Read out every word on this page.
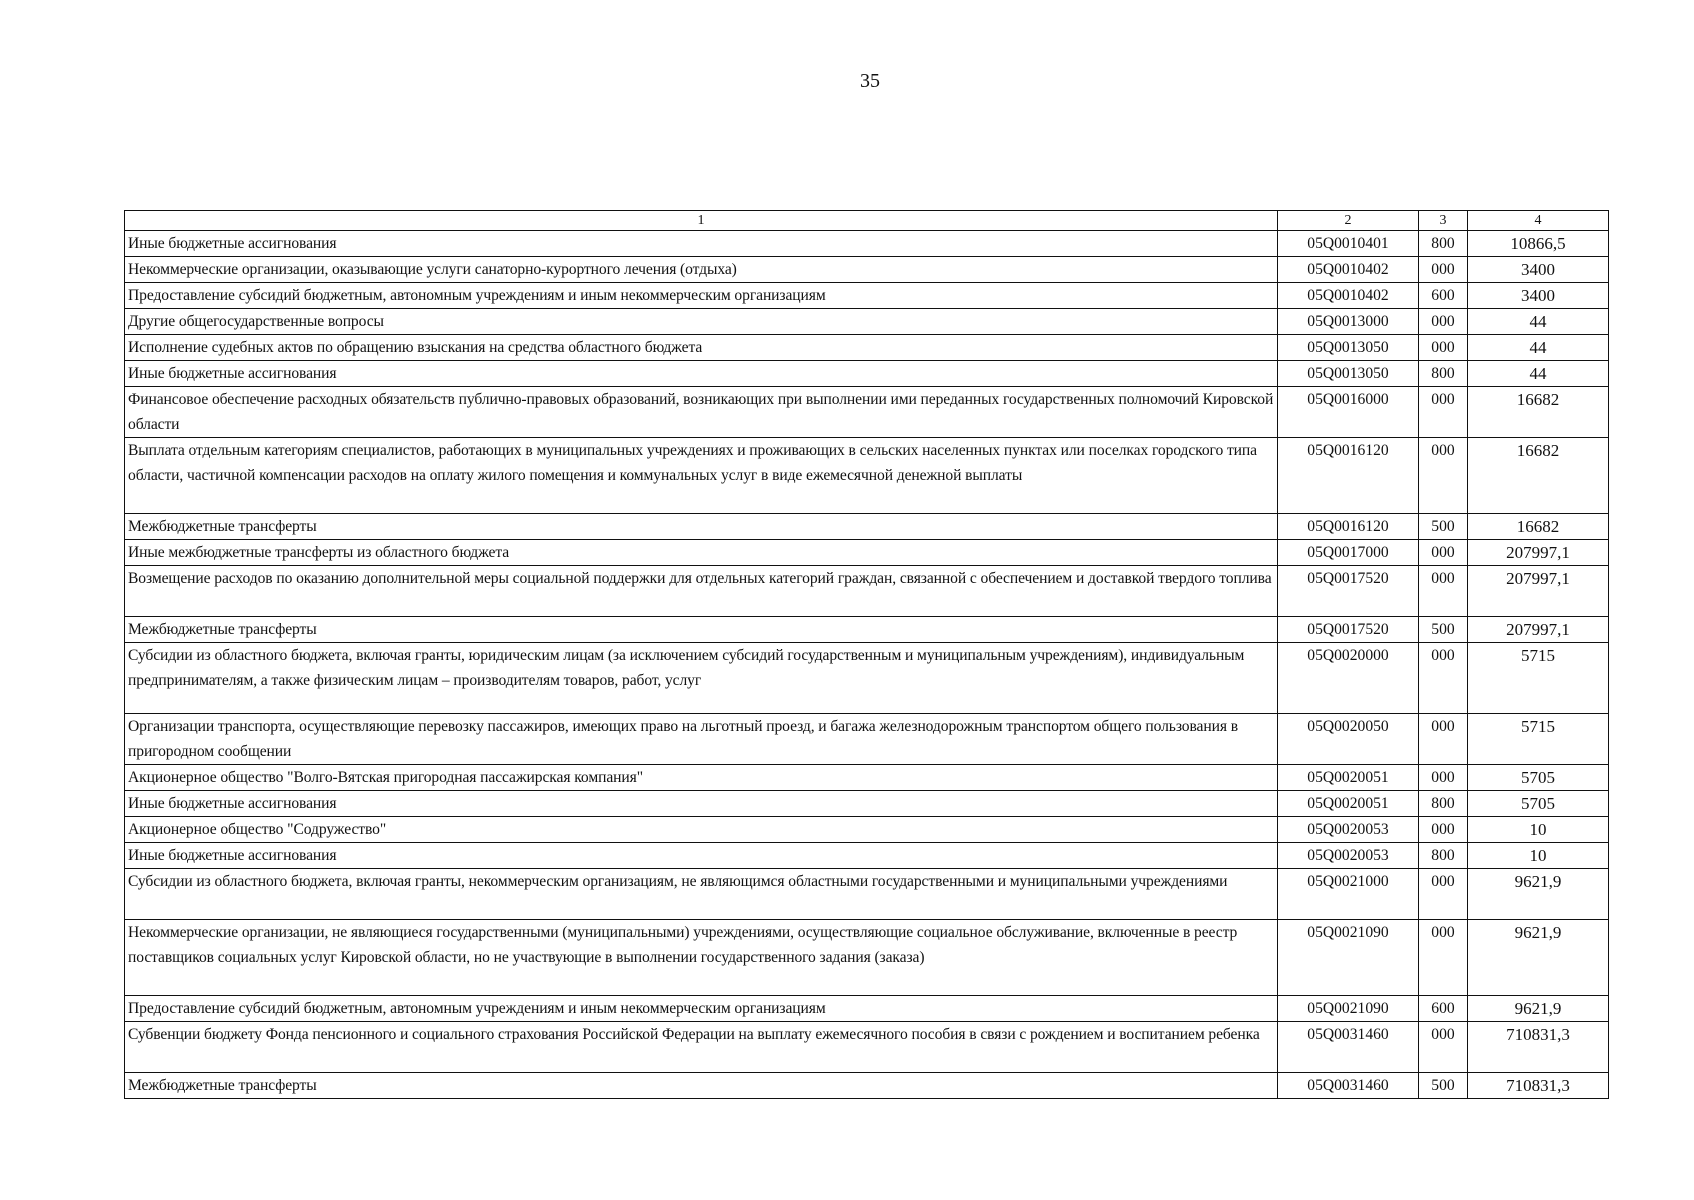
35
1	2	3	4
Иные бюджетные ассигнования	05Q0010401	800	10866,5
Некоммерческие организации, оказывающие услуги санаторно-курортного лечения (отдыха)	05Q0010402	000	3400
Предоставление субсидий бюджетным, автономным учреждениям и иным некоммерческим организациям	05Q0010402	600	3400
Другие общегосударственные вопросы	05Q0013000	000	44
Исполнение судебных актов по обращению взыскания на средства областного бюджета	05Q0013050	000	44
Иные бюджетные ассигнования	05Q0013050	800	44
Финансовое обеспечение расходных обязательств публично-правовых образований, возникающих при выполнении ими переданных государственных полномочий Кировской области	05Q0016000	000	16682
Выплата отдельным категориям специалистов, работающих в муниципальных учреждениях и проживающих в сельских населенных пунктах или поселках городского типа области, частичной компенсации расходов на оплату жилого помещения и коммунальных услуг в виде ежемесячной денежной выплаты	05Q0016120	000	16682
Межбюджетные трансферты	05Q0016120	500	16682
Иные межбюджетные трансферты из областного бюджета	05Q0017000	000	207997,1
Возмещение расходов по оказанию дополнительной меры социальной поддержки для отдельных категорий граждан, связанной с обеспечением и доставкой твердого топлива	05Q0017520	000	207997,1
Межбюджетные трансферты	05Q0017520	500	207997,1
Субсидии из областного бюджета, включая гранты, юридическим лицам (за исключением субсидий государственным и муниципальным учреждениям), индивидуальным предпринимателям, а также физическим лицам – производителям товаров, работ, услуг	05Q0020000	000	5715
Организации транспорта, осуществляющие перевозку пассажиров, имеющих право на льготный проезд, и багажа железнодорожным транспортом общего пользования в пригородном сообщении	05Q0020050	000	5715
Акционерное общество "Волго-Вятская пригородная пассажирская компания"	05Q0020051	000	5705
Иные бюджетные ассигнования	05Q0020051	800	5705
Акционерное общество "Содружество"	05Q0020053	000	10
Иные бюджетные ассигнования	05Q0020053	800	10
Субсидии из областного бюджета, включая гранты, некоммерческим организациям, не являющимся областными государственными и муниципальными учреждениями	05Q0021000	000	9621,9
Некоммерческие организации, не являющиеся государственными (муниципальными) учреждениями, осуществляющие социальное обслуживание, включенные в реестр поставщиков социальных услуг Кировской области, но не участвующие в выполнении государственного задания (заказа)	05Q0021090	000	9621,9
Предоставление субсидий бюджетным, автономным учреждениям и иным некоммерческим организациям	05Q0021090	600	9621,9
Субвенции бюджету Фонда пенсионного и социального страхования Российской Федерации на выплату ежемесячного пособия в связи с рождением и воспитанием ребенка	05Q0031460	000	710831,3
Межбюджетные трансферты	05Q0031460	500	710831,3
